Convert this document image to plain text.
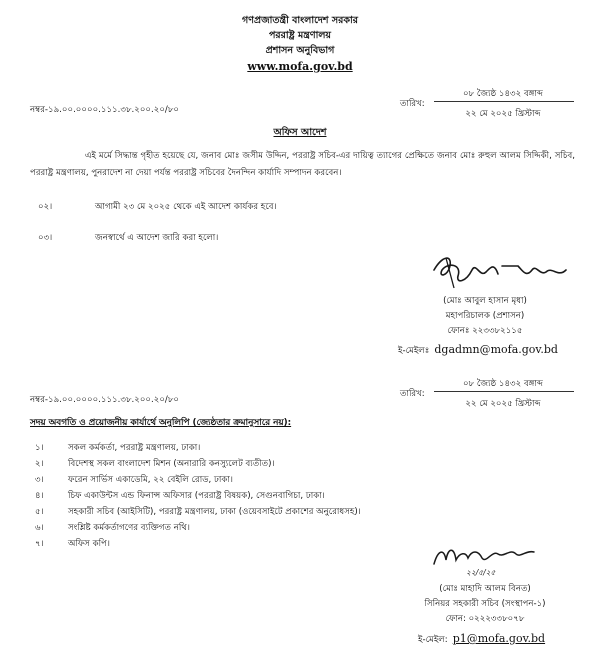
গণপ্রজাতন্ত্রী বাংলাদেশ সরকার
পররাষ্ট্র মন্ত্রণালয়
প্রশাসন অনুবিভাগ
www.mofa.gov.bd
নম্বর-১৯.০০.০০০০.১১১.৩৮.২০০.২০/৮০
তারিখ:
০৮ জ্যৈষ্ঠ ১৪৩২ বঙ্গাব্দ
২২ মে ২০২৫ খ্রিস্টাব্দ
অফিস আদেশ
এই মর্মে সিদ্ধান্ত গৃহীত হয়েছে যে, জনাব মোঃ জসীম উদ্দিন, পররাষ্ট্র সচিব-এর দায়িত্ব ত্যাগের প্রেক্ষিতে জনাব মোঃ রুহুল আলম সিদ্দিকী, সচিব, পররাষ্ট্র মন্ত্রণালয়, পুনরাদেশ না দেয়া পর্যন্ত পররাষ্ট্র সচিবের দৈনন্দিন কার্যাদি সম্পাদন করবেন।
০২।	আগামী ২৩ মে ২০২৫ থেকে এই আদেশ কার্যকর হবে।
০৩।	জনস্বার্থে এ আদেশ জারি করা হলো।
(মোঃ আবুল হাসান মৃধা)
মহাপরিচালক (প্রশাসন)
ফোনঃ ২২৩৩৮২১১৫
ই-মেইলঃ dgadmn@mofa.gov.bd
নম্বর-১৯.০০.০০০০.১১১.৩৮.২০০.২০/৮০
তারিখ:
০৮ জ্যৈষ্ঠ ১৪৩২ বঙ্গাব্দ
২২ মে ২০২৫ খ্রিস্টাব্দ
সদয় অবগতি ও প্রয়োজনীয় কার্যার্থে অনুলিপি (জ্যেষ্ঠতার ক্রমানুসারে নয়):
১।	সকল কর্মকর্তা, পররাষ্ট্র মন্ত্রণালয়, ঢাকা।
২।	বিদেশস্থ সকল বাংলাদেশ মিশন (অনারারি কনস্যুলেট ব্যতীত)।
৩।	ফরেন সার্ভিস একাডেমি, ২২ বেইলি রোড, ঢাকা।
৪।	চিফ একাউন্টস এন্ড ফিনান্স অফিসার (পররাষ্ট্র বিষয়ক), সেগুনবাগিচা, ঢাকা।
৫।	সহকারী সচিব (আইসিটি), পররাষ্ট্র মন্ত্রণালয়, ঢাকা (ওয়েবসাইটে প্রকাশের অনুরোধসহ)।
৬।	সংশ্লিষ্ট কর্মকর্তাগণের ব্যক্তিগত নথি।
৭।	অফিস কপি।
২২/৫/২৫
(মোঃ মাহাদি আলম বিনত)
সিনিয়র সহকারী সচিব (সংস্থাপন-১)
ফোন: ০২২২৩৩৮০৭৮
ই-মেইল: p1@mofa.gov.bd
